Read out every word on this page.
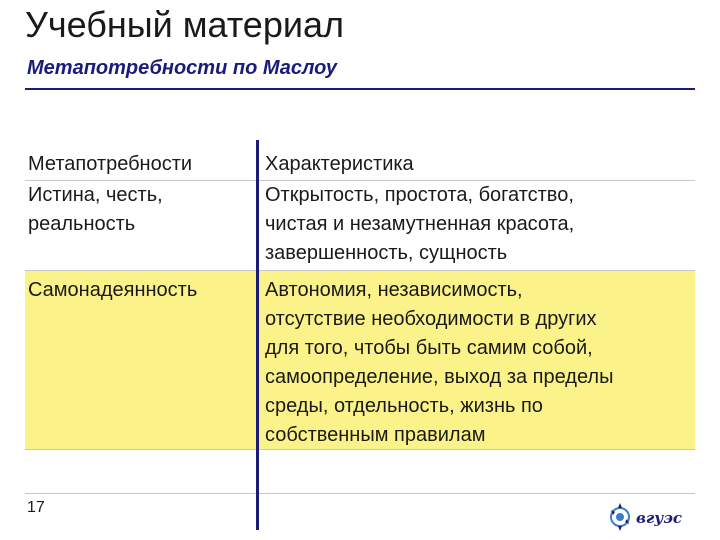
Учебный материал
Метапотребности по Маслоу
Метапотребности	Характеристика
Истина, честь,
реальность
Открытость, простота, богатство,
чистая и незамутненная красота,
завершенность, сущность
Самонадеянность	Автономия, независимость,
отсутствие необходимости в других
для того, чтобы быть самим собой,
самоопределение, выход за пределы
среды, отдельность, жизнь по
собственным правилам
17
вгуэс
